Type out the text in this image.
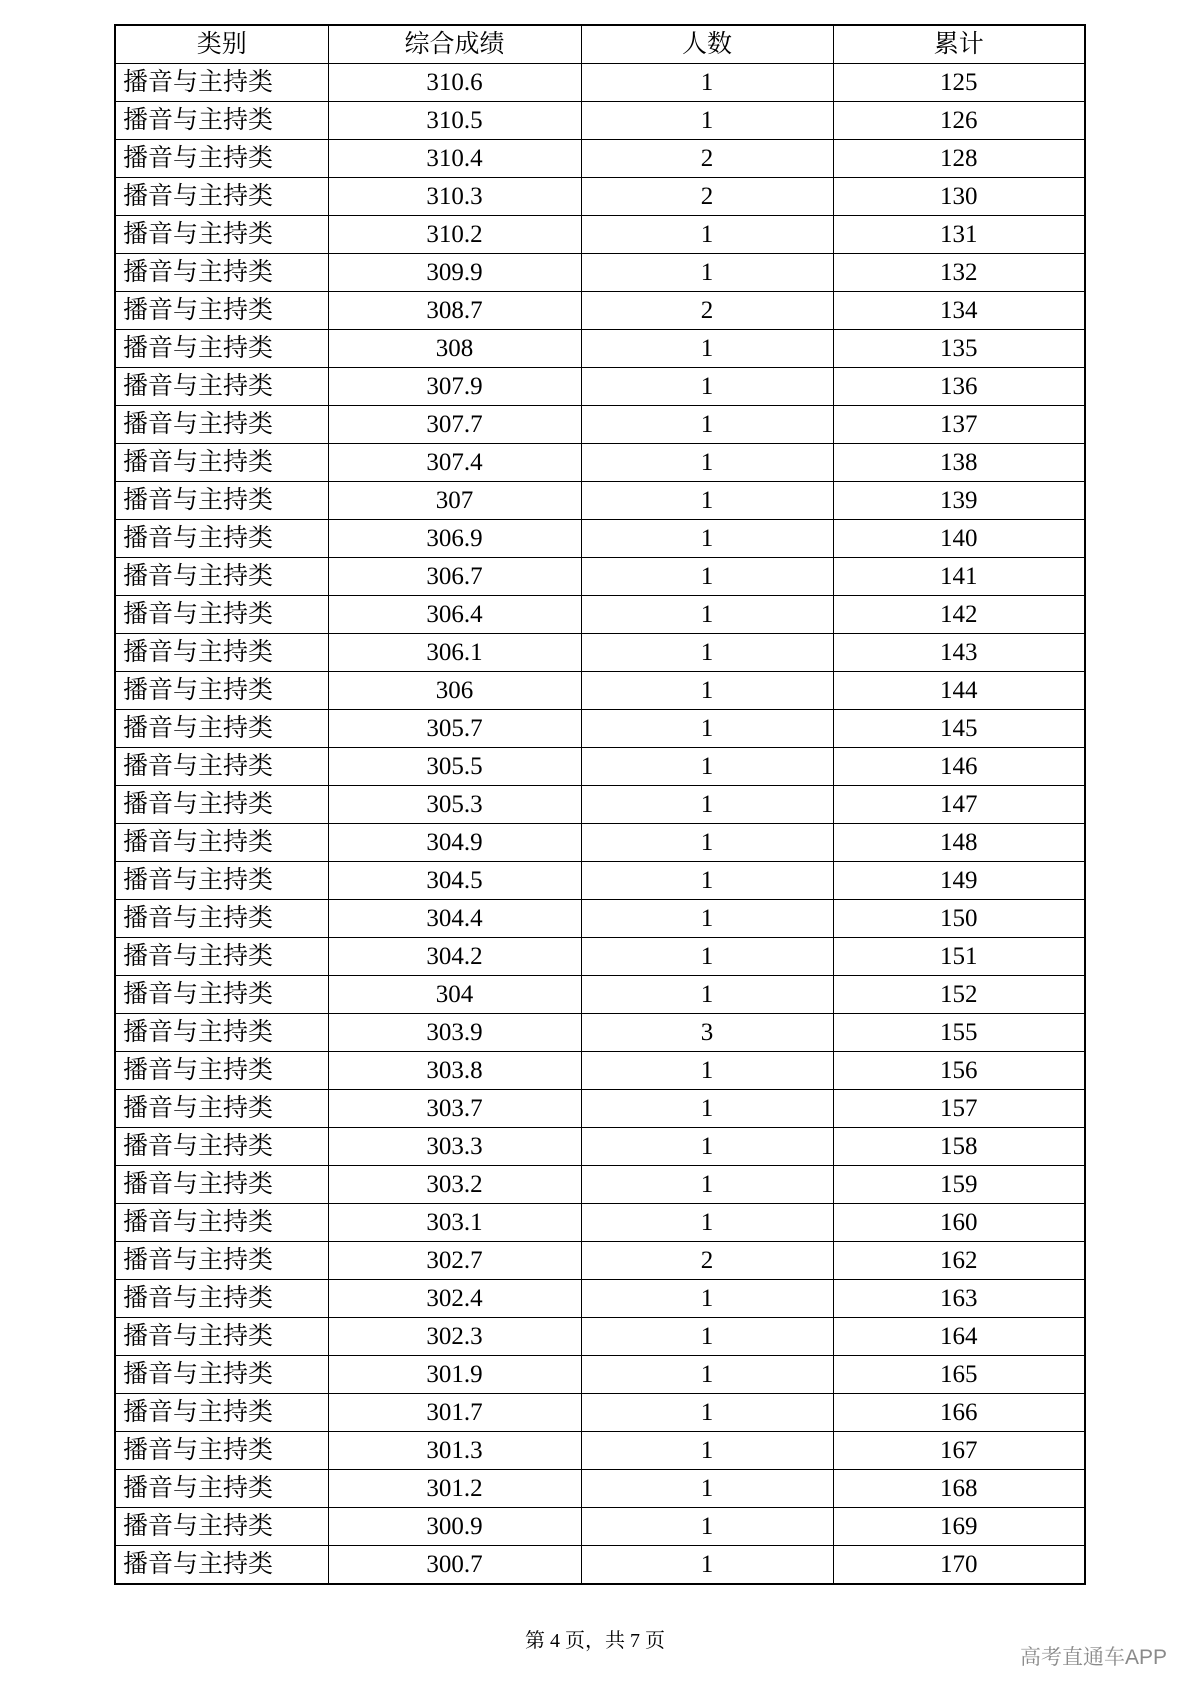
类别	综合成绩	人数	累计
播音与主持类	310.6	1	125
播音与主持类	310.5	1	126
播音与主持类	310.4	2	128
播音与主持类	310.3	2	130
播音与主持类	310.2	1	131
播音与主持类	309.9	1	132
播音与主持类	308.7	2	134
播音与主持类	308	1	135
播音与主持类	307.9	1	136
播音与主持类	307.7	1	137
播音与主持类	307.4	1	138
播音与主持类	307	1	139
播音与主持类	306.9	1	140
播音与主持类	306.7	1	141
播音与主持类	306.4	1	142
播音与主持类	306.1	1	143
播音与主持类	306	1	144
播音与主持类	305.7	1	145
播音与主持类	305.5	1	146
播音与主持类	305.3	1	147
播音与主持类	304.9	1	148
播音与主持类	304.5	1	149
播音与主持类	304.4	1	150
播音与主持类	304.2	1	151
播音与主持类	304	1	152
播音与主持类	303.9	3	155
播音与主持类	303.8	1	156
播音与主持类	303.7	1	157
播音与主持类	303.3	1	158
播音与主持类	303.2	1	159
播音与主持类	303.1	1	160
播音与主持类	302.7	2	162
播音与主持类	302.4	1	163
播音与主持类	302.3	1	164
播音与主持类	301.9	1	165
播音与主持类	301.7	1	166
播音与主持类	301.3	1	167
播音与主持类	301.2	1	168
播音与主持类	300.9	1	169
播音与主持类	300.7	1	170
第 4 页，共 7 页
高考直通车APP
